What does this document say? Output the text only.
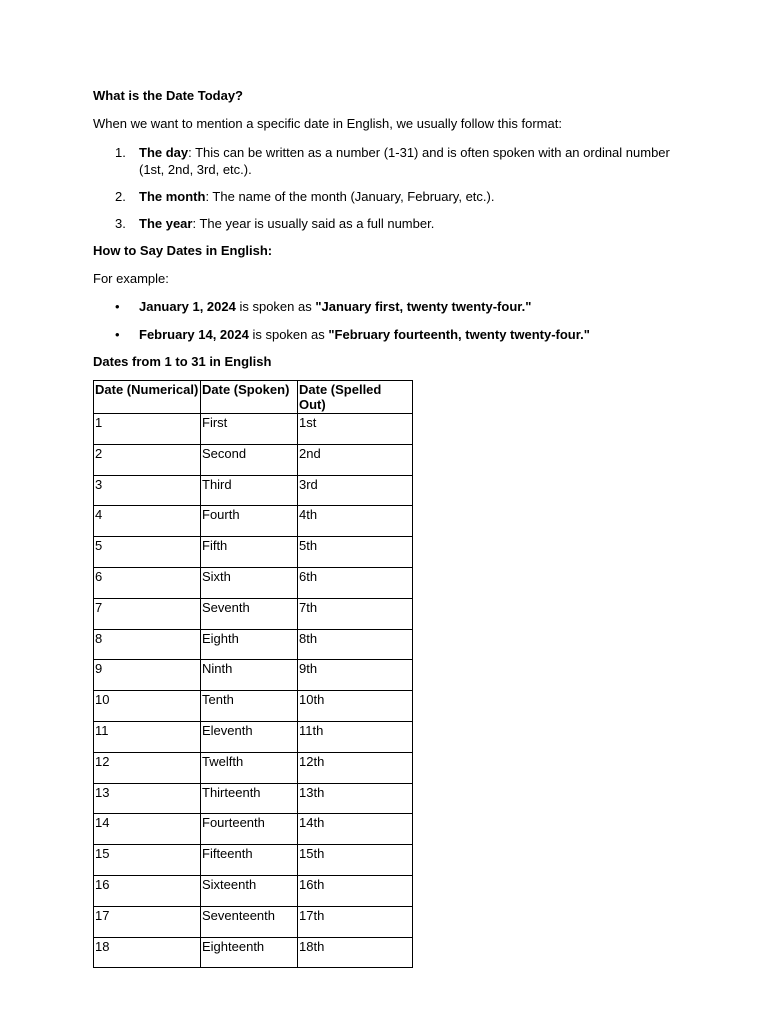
What is the Date Today?

When we want to mention a specific date in English, we usually follow this format:

1. The day: This can be written as a number (1-31) and is often spoken with an ordinal number (1st, 2nd, 3rd, etc.).
2. The month: The name of the month (January, February, etc.).
3. The year: The year is usually said as a full number.

How to Say Dates in English:

For example:

• January 1, 2024 is spoken as "January first, twenty twenty-four."
• February 14, 2024 is spoken as "February fourteenth, twenty twenty-four."

Dates from 1 to 31 in English

Date (Numerical)	Date (Spoken)	Date (Spelled Out)
1	First	1st
2	Second	2nd
3	Third	3rd
4	Fourth	4th
5	Fifth	5th
6	Sixth	6th
7	Seventh	7th
8	Eighth	8th
9	Ninth	9th
10	Tenth	10th
11	Eleventh	11th
12	Twelfth	12th
13	Thirteenth	13th
14	Fourteenth	14th
15	Fifteenth	15th
16	Sixteenth	16th
17	Seventeenth	17th
18	Eighteenth	18th
